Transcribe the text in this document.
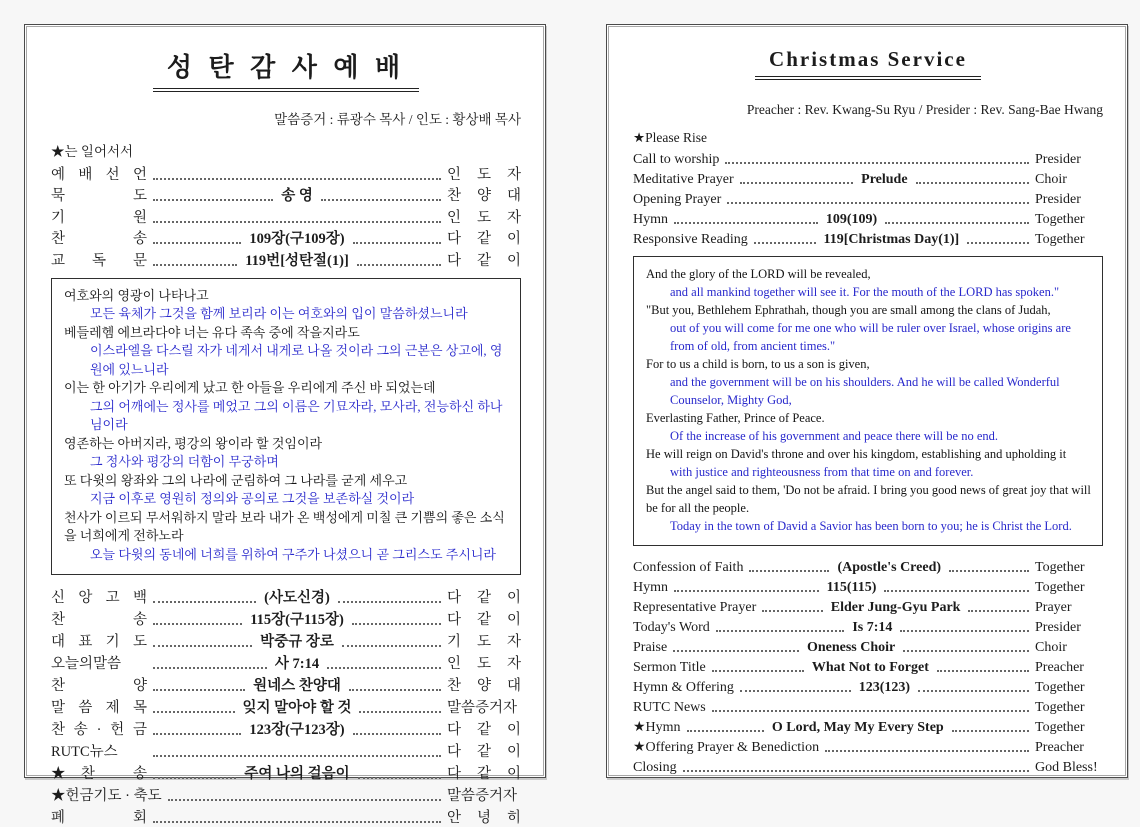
성 탄 감 사 예 배
말씀증거 : 류광수 목사 / 인도 : 황상배 목사
★는 일어서서
예 배 선 언	인 도 자
묵  도	송 영	찬 양 대
기  원	인 도 자
찬  송	109장(구109장)	다 같 이
교 독 문	119번[성탄절(1)]	다 같 이
여호와의 영광이 나타나고
모든 육체가 그것을 함께 보리라 이는 여호와의 입이 말씀하셨느니라
베들레헴 에브라다야 너는 유다 족속 중에 작을지라도
이스라엘을 다스릴 자가 네게서 내게로 나올 것이라 그의 근본은 상고에, 영원에 있느니라
이는 한 아기가 우리에게 났고 한 아들을 우리에게 주신 바 되었는데
그의 어깨에는 정사를 메었고 그의 이름은 기묘자라, 모사라, 전능하신 하나님이라
영존하는 아버지라, 평강의 왕이라 할 것임이라
그 정사와 평강의 더함이 무궁하며
또 다윗의 왕좌와 그의 나라에 군림하여 그 나라를 굳게 세우고
지금 이후로 영원히 정의와 공의로 그것을 보존하실 것이라
천사가 이르되 무서워하지 말라 보라 내가 온 백성에게 미칠 큰 기쁨의 좋은 소식을 너희에게 전하노라
오늘 다윗의 동네에 너희를 위하여 구주가 나셨으니 곧 그리스도 주시니라
신 앙 고 백	(사도신경)	다 같 이
찬  송	115장(구115장)	다 같 이
대 표 기 도	박중규 장로	기 도 자
오늘의말씀	사 7:14	인 도 자
찬  양	원네스 찬양대	찬 양 대
말 씀 제 목	잊지 말아야 할 것	말씀증거자
찬 송 · 헌 금	123장(구123장)	다 같 이
RUTC뉴스	다 같 이
★찬  송	주여 나의 걸음이	다 같 이
★헌금기도 · 축도	말씀증거자
폐  회	안 녕 히
Christmas Service
Preacher : Rev. Kwang-Su Ryu / Presider : Rev. Sang-Bae Hwang
★Please Rise
Call to worship	Presider
Meditative Prayer	Prelude	Choir
Opening Prayer	Presider
Hymn	109(109)	Together
Responsive Reading	119[Christmas Day(1)]	Together
And the glory of the LORD will be revealed,
and all mankind together will see it. For the mouth of the LORD has spoken."
"But you, Bethlehem Ephrathah, though you are small among the clans of Judah,
out of you will come for me one who will be ruler over Israel, whose origins are from of old, from ancient times."
For to us a child is born, to us a son is given,
and the government will be on his shoulders. And he will be called Wonderful Counselor, Mighty God,
Everlasting Father, Prince of Peace.
Of the increase of his government and peace there will be no end.
He will reign on David's throne and over his kingdom, establishing and upholding it
with justice and righteousness from that time on and forever.
But the angel said to them, 'Do not be afraid. I bring you good news of great joy that will be for all the people.
Today in the town of David a Savior has been born to you; he is Christ the Lord.
Confession of Faith	(Apostle's Creed)	Together
Hymn	115(115)	Together
Representative Prayer	Elder Jung-Gyu Park	Prayer
Today's Word	Is 7:14	Presider
Praise	Oneness Choir	Choir
Sermon Title	What Not to Forget	Preacher
Hymn & Offering	123(123)	Together
RUTC News	Together
★Hymn	O Lord, May My Every Step	Together
★Offering Prayer & Benediction	Preacher
Closing	God Bless!
